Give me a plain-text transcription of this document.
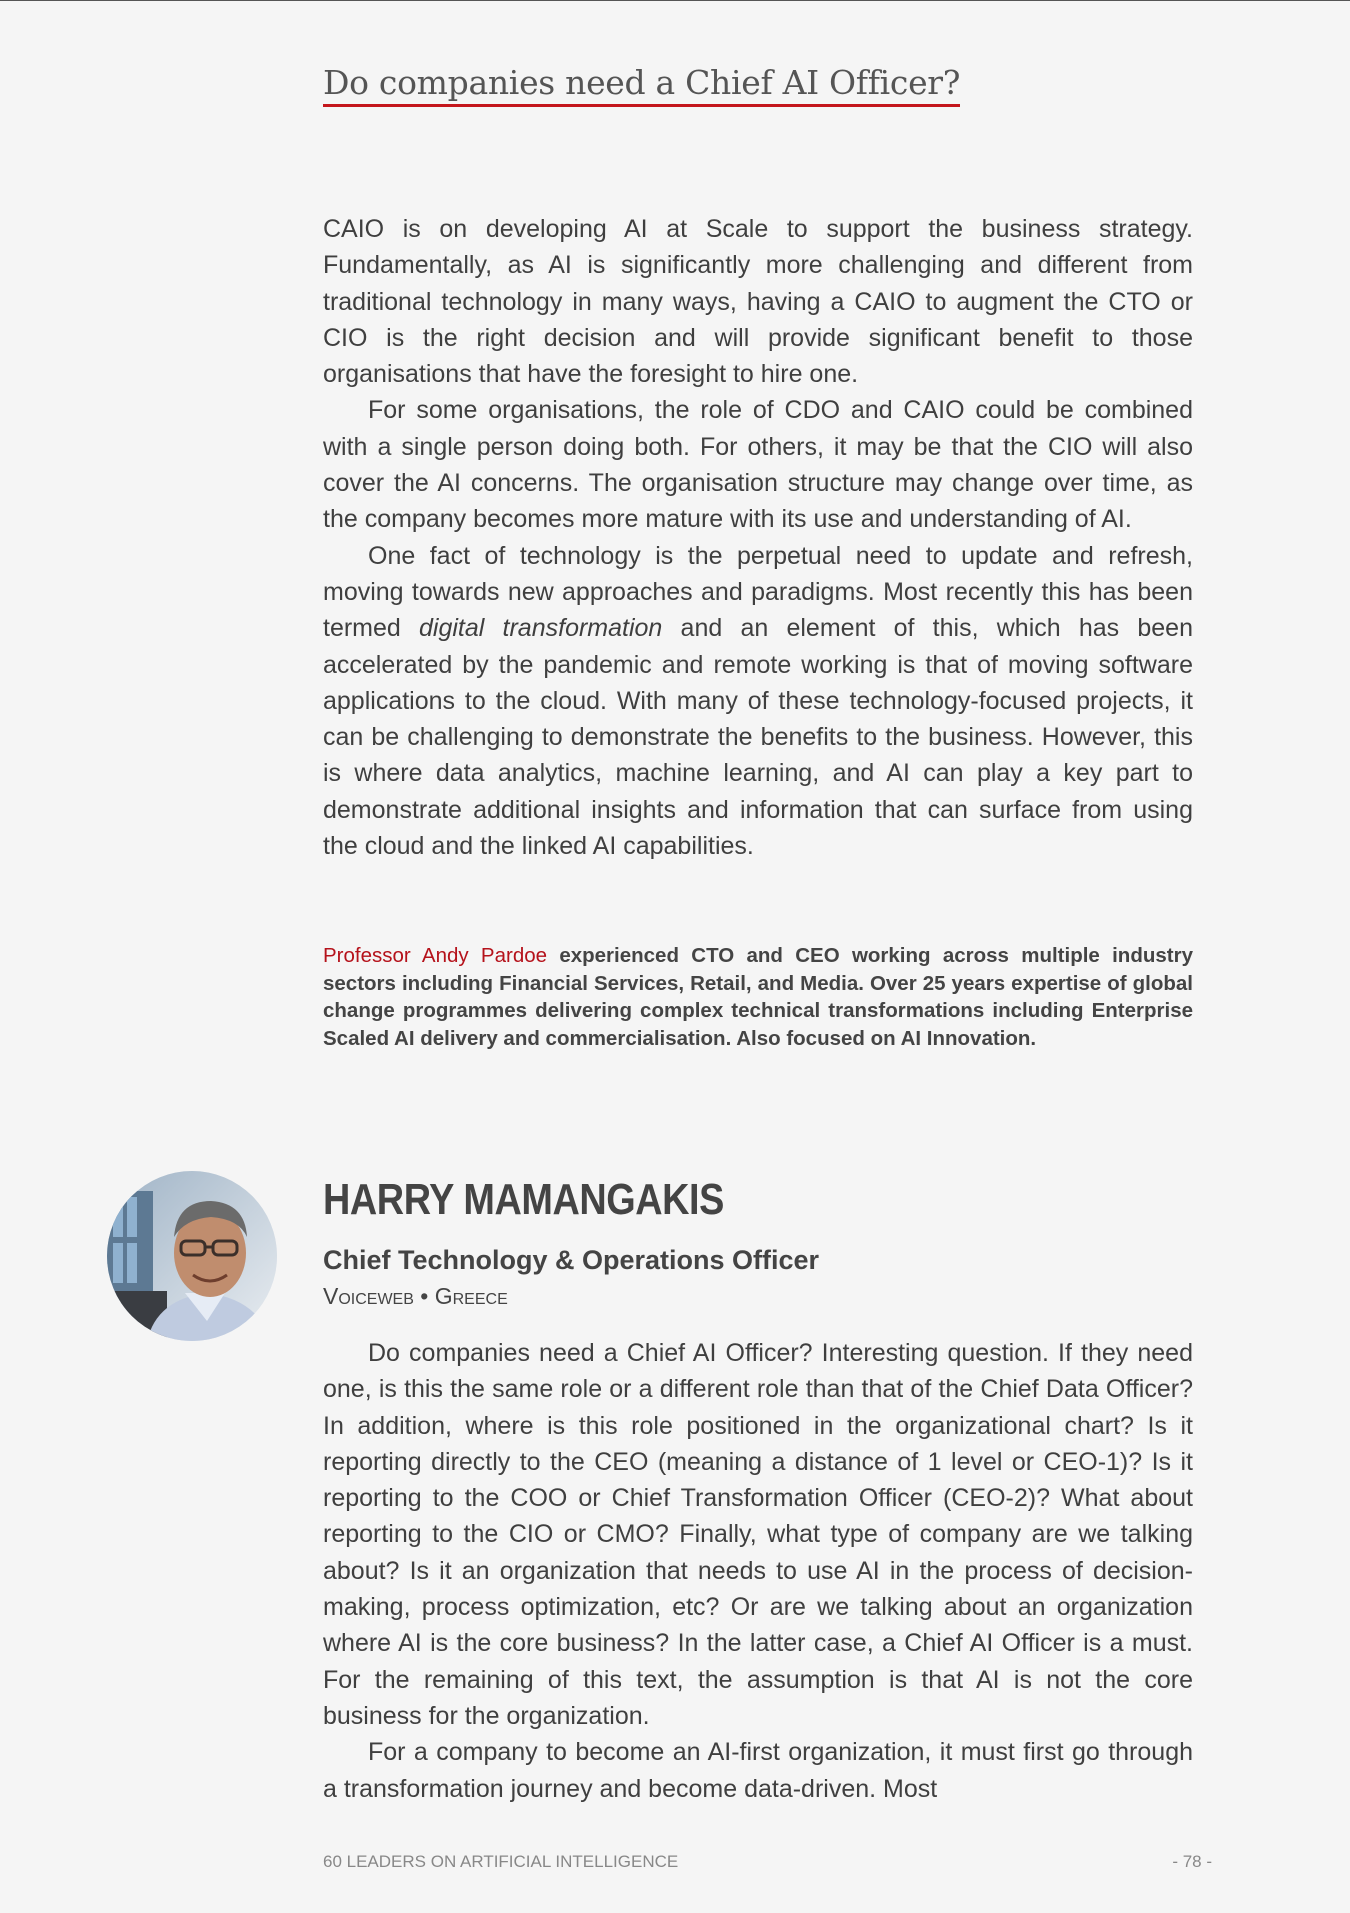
Do companies need a Chief AI Officer?

CAIO is on developing AI at Scale to support the business strategy. Fundamentally, as AI is significantly more challenging and different from traditional technology in many ways, having a CAIO to augment the CTO or CIO is the right decision and will provide significant benefit to those organisations that have the foresight to hire one.

For some organisations, the role of CDO and CAIO could be combined with a single person doing both. For others, it may be that the CIO will also cover the AI concerns. The organisation structure may change over time, as the company becomes more mature with its use and understanding of AI.

One fact of technology is the perpetual need to update and refresh, moving towards new approaches and paradigms. Most recently this has been termed digital transformation and an element of this, which has been accelerated by the pandemic and remote working is that of moving software applications to the cloud. With many of these technology-focused projects, it can be challenging to demonstrate the benefits to the business. However, this is where data analytics, machine learning, and AI can play a key part to demonstrate additional insights and information that can surface from using the cloud and the linked AI capabilities.

Professor Andy Pardoe experienced CTO and CEO working across multiple industry sectors including Financial Services, Retail, and Media. Over 25 years expertise of global change programmes delivering complex technical transformations including Enterprise Scaled AI delivery and commercialisation. Also focused on AI Innovation.

HARRY MAMANGAKIS
Chief Technology & Operations Officer
Voiceweb • Greece

Do companies need a Chief AI Officer? Interesting question. If they need one, is this the same role or a different role than that of the Chief Data Officer? In addition, where is this role positioned in the organizational chart? Is it reporting directly to the CEO (meaning a distance of 1 level or CEO-1)? Is it reporting to the COO or Chief Transformation Officer (CEO-2)? What about reporting to the CIO or CMO? Finally, what type of company are we talking about? Is it an organization that needs to use AI in the process of decision-making, process optimization, etc? Or are we talking about an organization where AI is the core business? In the latter case, a Chief AI Officer is a must. For the remaining of this text, the assumption is that AI is not the core business for the organization.

For a company to become an AI-first organization, it must first go through a transformation journey and become data-driven. Most

60 LEADERS ON ARTIFICIAL INTELLIGENCE	- 78 -
